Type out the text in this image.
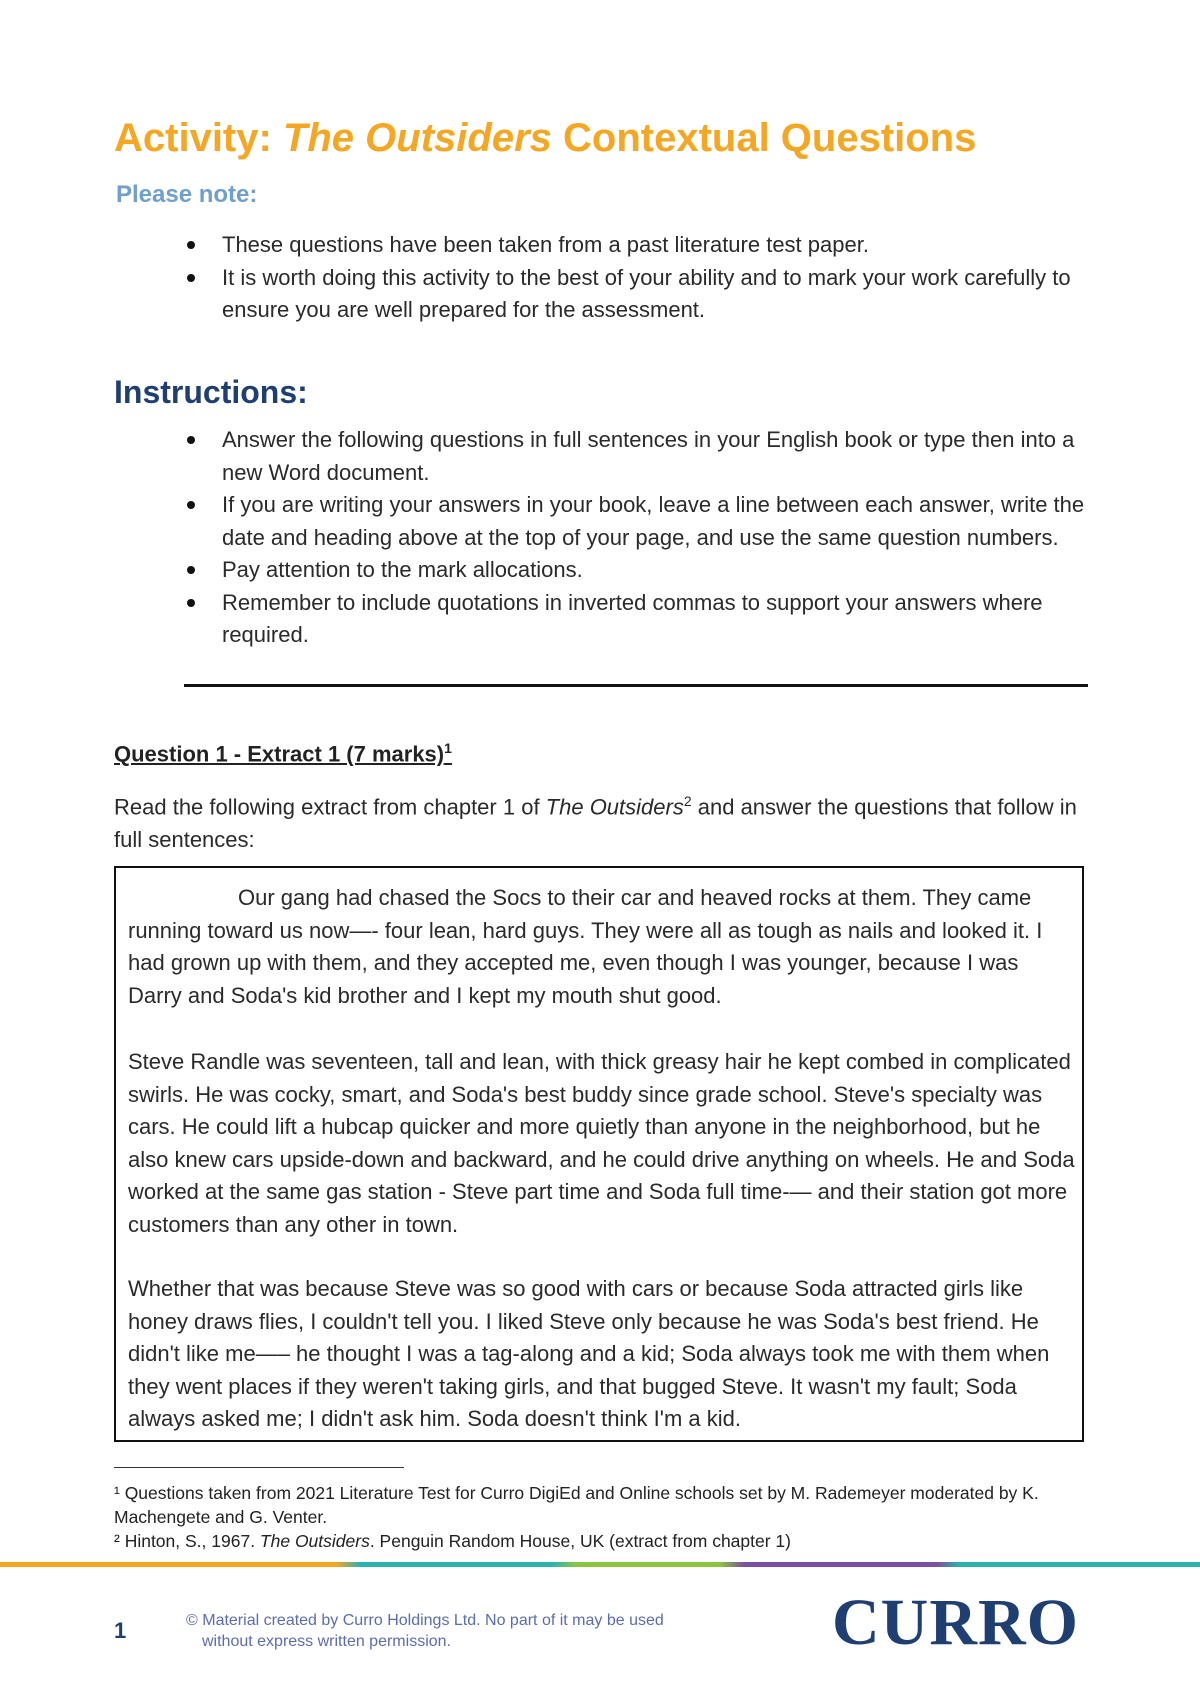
Activity: The Outsiders Contextual Questions
Please note:
These questions have been taken from a past literature test paper.
It is worth doing this activity to the best of your ability and to mark your work carefully to ensure you are well prepared for the assessment.
Instructions:
Answer the following questions in full sentences in your English book or type then into a new Word document.
If you are writing your answers in your book, leave a line between each answer, write the date and heading above at the top of your page, and use the same question numbers.
Pay attention to the mark allocations.
Remember to include quotations in inverted commas to support your answers where required.
Question 1 - Extract 1 (7 marks)$^1$
Read the following extract from chapter 1 of The Outsiders$^2$ and answer the questions that follow in full sentences:
Our gang had chased the Socs to their car and heaved rocks at them. They came running toward us now—- four lean, hard guys. They were all as tough as nails and looked it. I had grown up with them, and they accepted me, even though I was younger, because I was Darry and Soda's kid brother and I kept my mouth shut good.
Steve Randle was seventeen, tall and lean, with thick greasy hair he kept combed in complicated swirls. He was cocky, smart, and Soda's best buddy since grade school. Steve's specialty was cars. He could lift a hubcap quicker and more quietly than anyone in the neighborhood, but he also knew cars upside-down and backward, and he could drive anything on wheels. He and Soda worked at the same gas station - Steve part time and Soda full time-— and their station got more customers than any other in town.
Whether that was because Steve was so good with cars or because Soda attracted girls like honey draws flies, I couldn't tell you. I liked Steve only because he was Soda's best friend. He didn't like me—– he thought I was a tag-along and a kid; Soda always took me with them when they went places if they weren't taking girls, and that bugged Steve. It wasn't my fault; Soda always asked me; I didn't ask him. Soda doesn't think I'm a kid.
¹ Questions taken from 2021 Literature Test for Curro DigiEd and Online schools set by M. Rademeyer moderated by K. Machengete and G. Venter.
² Hinton, S., 1967. The Outsiders. Penguin Random House, UK (extract from chapter 1)
1	© Material created by Curro Holdings Ltd. No part of it may be used
without express written permission.	CURRO
